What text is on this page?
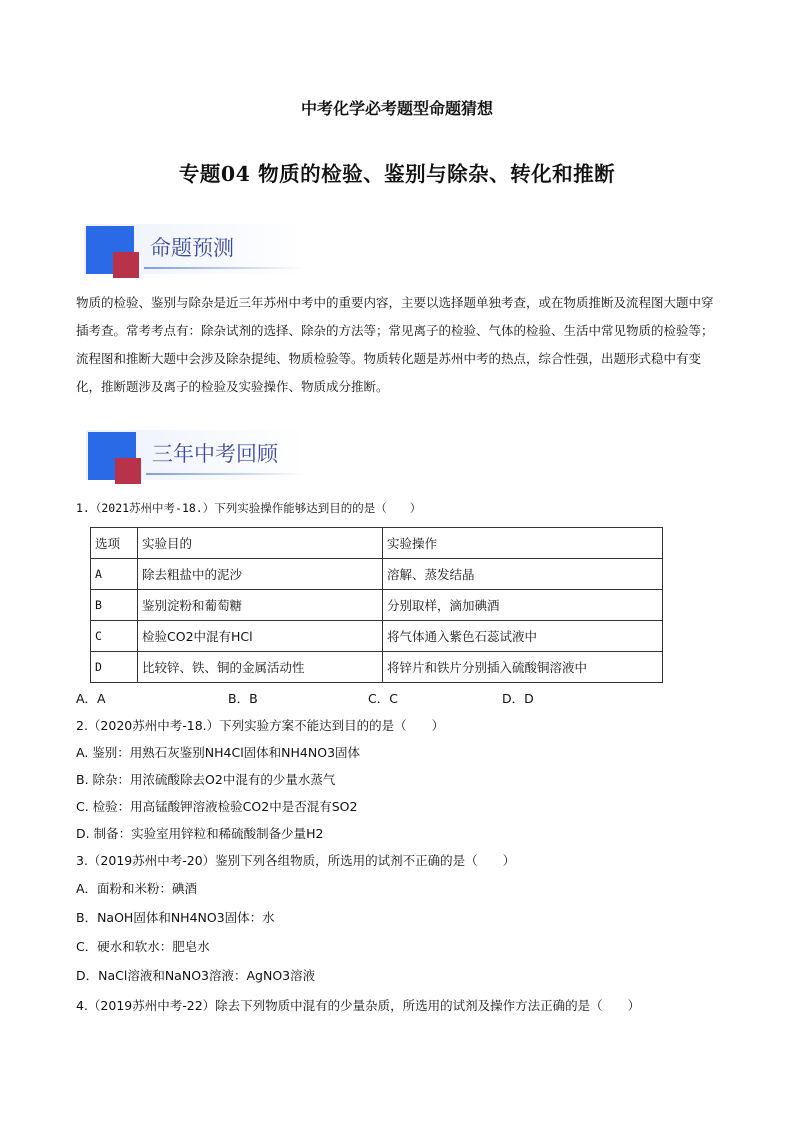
中考化学必考题型命题猜想
专题04 物质的检验、鉴别与除杂、转化和推断
命题预测
物质的检验、鉴别与除杂是近三年苏州中考中的重要内容，主要以选择题单独考查，或在物质推断及流程图大题中穿插考查。常考考点有：除杂试剂的选择、除杂的方法等；常见离子的检验、气体的检验、生活中常见物质的检验等；流程图和推断大题中会涉及除杂提纯、物质检验等。物质转化题是苏州中考的热点，综合性强，出题形式稳中有变化，推断题涉及离子的检验及实验操作、物质成分推断。
三年中考回顾
1.（2021苏州中考-18.）下列实验操作能够达到目的的是（　　）
选项	实验目的	实验操作
A	除去粗盐中的泥沙	溶解、蒸发结晶
B	鉴别淀粉和葡萄糖	分别取样，滴加碘酒
C	检验CO2中混有HCl	将气体通入紫色石蕊试液中
D	比较锌、铁、铜的金属活动性	将锌片和铁片分别插入硫酸铜溶液中
A．A	B．B	C．C	D．D
2.（2020苏州中考-18.）下列实验方案不能达到目的的是（　　）
A. 鉴别：用熟石灰鉴别NH4Cl固体和NH4NO3固体
B. 除杂：用浓硫酸除去O2中混有的少量水蒸气
C. 检验：用高锰酸钾溶液检验CO2中是否混有SO2
D. 制备：实验室用锌粒和稀硫酸制备少量H2
3.（2019苏州中考-20）鉴别下列各组物质，所选用的试剂不正确的是（　　）
A．面粉和米粉：碘酒
B．NaOH固体和NH4NO3固体：水
C．硬水和软水：肥皂水
D．NaCl溶液和NaNO3溶液：AgNO3溶液
4.（2019苏州中考-22）除去下列物质中混有的少量杂质，所选用的试剂及操作方法正确的是（　　）
